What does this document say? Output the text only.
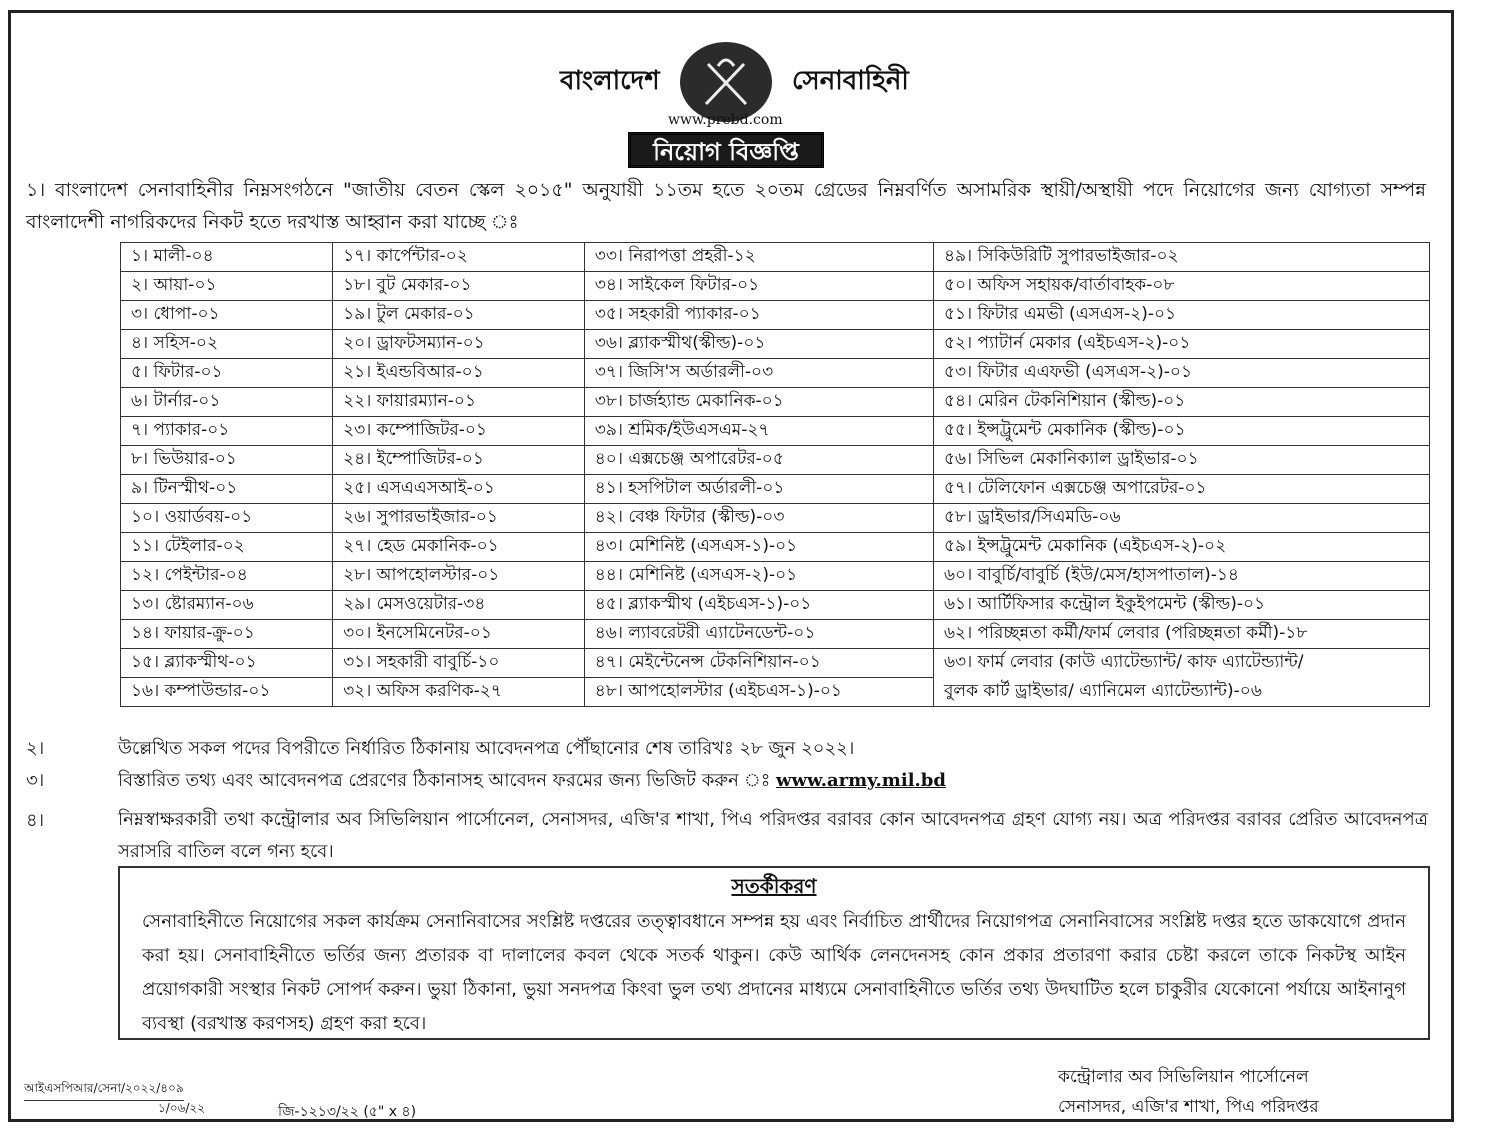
বাংলাদেশ	সেনাবাহিনী
www.prebd.com
নিয়োগ বিজ্ঞপ্তি
১। বাংলাদেশ সেনাবাহিনীর নিম্নসংগঠনে "জাতীয় বেতন স্কেল ২০১৫" অনুযায়ী ১১তম হতে ২০তম গ্রেডের নিম্নবর্ণিত অসামরিক স্থায়ী/অস্থায়ী পদে নিয়োগের জন্য যোগ্যতা সম্পন্ন বাংলাদেশী নাগরিকদের নিকট হতে দরখাস্ত আহ্বান করা যাচ্ছে ঃ
১। মালী-০৪	১৭। কার্পেন্টার-০২	৩৩। নিরাপত্তা প্রহরী-১২	৪৯। সিকিউরিটি সুপারভাইজার-০২
২। আয়া-০১	১৮। বুট মেকার-০১	৩৪। সাইকেল ফিটার-০১	৫০। অফিস সহায়ক/বার্তাবাহক-০৮
৩। ধোপা-০১	১৯। টুল মেকার-০১	৩৫। সহকারী প্যাকার-০১	৫১। ফিটার এমভী (এসএস-২)-০১
৪। সহিস-০২	২০। ড্রাফটসম্যান-০১	৩৬। ব্ল্যাকস্মীথ(স্কীল্ড)-০১	৫২। প্যাটার্ন মেকার (এইচএস-২)-০১
৫। ফিটার-০১	২১। ইএন্ডবিআর-০১	৩৭। জিসি'স অর্ডারলী-০৩	৫৩। ফিটার এএফভী (এসএস-২)-০১
৬। টার্নার-০১	২২। ফায়ারম্যান-০১	৩৮। চার্জহ্যান্ড মেকানিক-০১	৫৪। মেরিন টেকনিশিয়ান (স্কীল্ড)-০১
৭। প্যাকার-০১	২৩। কম্পোজিটর-০১	৩৯। শ্রমিক/ইউএসএম-২৭	৫৫। ইন্সট্রুমেন্ট মেকানিক (স্কীল্ড)-০১
৮। ভিউয়ার-০১	২৪। ইম্পোজিটর-০১	৪০। এক্সচেঞ্জ অপারেটর-০৫	৫৬। সিভিল মেকানিক্যাল ড্রাইভার-০১
৯। টিনস্মীথ-০১	২৫। এসএএসআই-০১	৪১। হসপিটাল অর্ডারলী-০১	৫৭। টেলিফোন এক্সচেঞ্জ অপারেটর-০১
১০। ওয়ার্ডবয়-০১	২৬। সুপারভাইজার-০১	৪২। বেঞ্চ ফিটার (স্কীল্ড)-০৩	৫৮। ড্রাইভার/সিএমডি-০৬
১১। টেইলার-০২	২৭। হেড মেকানিক-০১	৪৩। মেশিনিষ্ট (এসএস-১)-০১	৫৯। ইন্সট্রুমেন্ট মেকানিক (এইচএস-২)-০২
১২। পেইন্টার-০৪	২৮। আপহোলস্টার-০১	৪৪। মেশিনিষ্ট (এসএস-২)-০১	৬০। বাবুর্চি/বাবুর্চি (ইউ/মেস/হাসপাতাল)-১৪
১৩। ষ্টোরম্যান-০৬	২৯। মেসওয়েটার-৩৪	৪৫। ব্ল্যাকস্মীথ (এইচএস-১)-০১	৬১। আর্টিফিসার কন্ট্রোল ইকুইপমেন্ট (স্কীল্ড)-০১
১৪। ফায়ার-ক্রু-০১	৩০। ইনসেমিনেটর-০১	৪৬। ল্যাবরেটরী এ্যাটেনডেন্ট-০১	৬২। পরিচ্ছন্নতা কর্মী/ফার্ম লেবার (পরিচ্ছন্নতা কর্মী)-১৮
১৫। ব্ল্যাকস্মীথ-০১	৩১। সহকারী বাবুর্চি-১০	৪৭। মেইন্টেনেন্স টেকনিশিয়ান-০১	৬৩। ফার্ম লেবার (কাউ এ্যাটেন্ড্যান্ট/ কাফ এ্যাটেন্ড্যান্ট/
১৬। কম্পাউন্ডার-০১	৩২। অফিস করণিক-২৭	৪৮। আপহোলস্টার (এইচএস-১)-০১	বুলক কার্ট ড্রাইভার/ এ্যানিমেল এ্যাটেন্ড্যান্ট)-০৬
২।	উল্লেখিত সকল পদের বিপরীতে নির্ধারিত ঠিকানায় আবেদনপত্র পৌঁছানোর শেষ তারিখঃ ২৮ জুন ২০২২।
৩।	বিস্তারিত তথ্য এবং আবেদনপত্র প্রেরণের ঠিকানাসহ আবেদন ফরমের জন্য ভিজিট করুন ঃ www.army.mil.bd
৪।	নিম্নস্বাক্ষরকারী তথা কন্ট্রোলার অব সিভিলিয়ান পার্সোনেল, সেনাসদর, এজি'র শাখা, পিএ পরিদপ্তর বরাবর কোন আবেদনপত্র গ্রহণ যোগ্য নয়। অত্র পরিদপ্তর বরাবর প্রেরিত আবেদনপত্র সরাসরি বাতিল বলে গন্য হবে।
সতর্কীকরণ

সেনাবাহিনীতে নিয়োগের সকল কার্যক্রম সেনানিবাসের সংশ্লিষ্ট দপ্তরের তত্ত্বাবধানে সম্পন্ন হয় এবং নির্বাচিত প্রার্থীদের নিয়োগপত্র সেনানিবাসের সংশ্লিষ্ট দপ্তর হতে ডাকযোগে প্রদান করা হয়। সেনাবাহিনীতে ভর্তির জন্য প্রতারক বা দালালের কবল থেকে সতর্ক থাকুন। কেউ আর্থিক লেনদেনসহ কোন প্রকার প্রতারণা করার চেষ্টা করলে তাকে নিকটস্থ আইন প্রয়োগকারী সংস্থার নিকট সোপর্দ করুন। ভুয়া ঠিকানা, ভুয়া সনদপত্র কিংবা ভুল তথ্য প্রদানের মাধ্যমে সেনাবাহিনীতে ভর্তির তথ্য উদঘাটিত হলে চাকুরীর যেকোনো পর্যায়ে আইনানুগ ব্যবস্থা (বরখাস্ত করণসহ) গ্রহণ করা হবে।

আইএসপিআর/সেনা/২০২২/৪০৯
১/০৬/২২	জি-১২১৩/২২ (৫" x ৪)
কন্ট্রোলার অব সিভিলিয়ান পার্সোনেল
সেনাসদর, এজি'র শাখা, পিএ পরিদপ্তর
